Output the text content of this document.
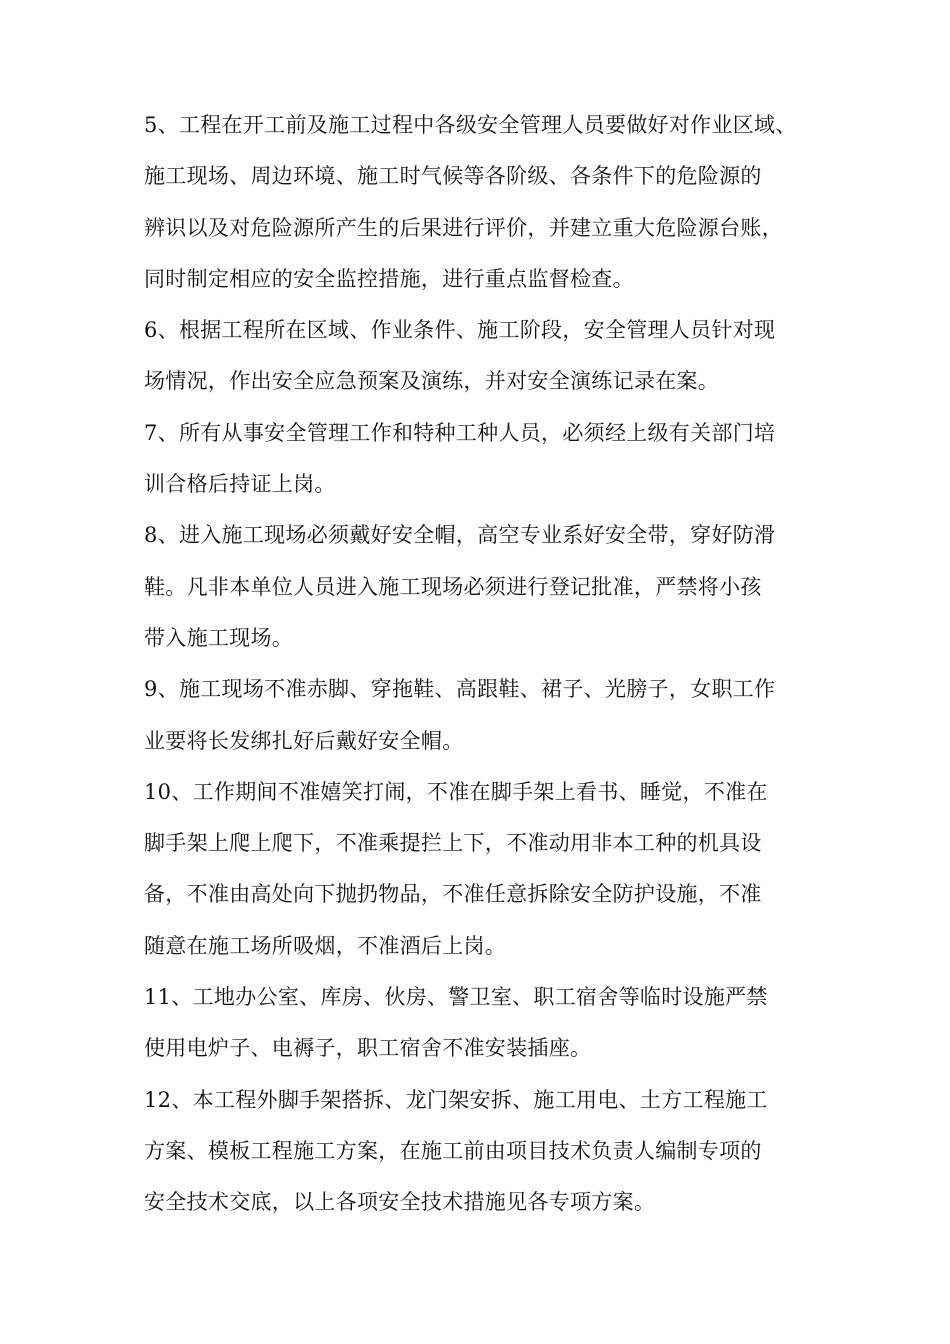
5、工程在开工前及施工过程中各级安全管理人员要做好对作业区域、
施工现场、周边环境、施工时气候等各阶级、各条件下的危险源的
辨识以及对危险源所产生的后果进行评价，并建立重大危险源台账，
同时制定相应的安全监控措施，进行重点监督检查。
6、根据工程所在区域、作业条件、施工阶段，安全管理人员针对现
场情况，作出安全应急预案及演练，并对安全演练记录在案。
7、所有从事安全管理工作和特种工种人员，必须经上级有关部门培
训合格后持证上岗。
8、进入施工现场必须戴好安全帽，高空专业系好安全带，穿好防滑
鞋。凡非本单位人员进入施工现场必须进行登记批准，严禁将小孩
带入施工现场。
9、施工现场不准赤脚、穿拖鞋、高跟鞋、裙子、光膀子，女职工作
业要将长发绑扎好后戴好安全帽。
10、工作期间不准嬉笑打闹，不准在脚手架上看书、睡觉，不准在
脚手架上爬上爬下，不准乘提拦上下，不准动用非本工种的机具设
备，不准由高处向下抛扔物品，不准任意拆除安全防护设施，不准
随意在施工场所吸烟，不准酒后上岗。
11、工地办公室、库房、伙房、警卫室、职工宿舍等临时设施严禁
使用电炉子、电褥子，职工宿舍不准安装插座。
12、本工程外脚手架搭拆、龙门架安拆、施工用电、土方工程施工
方案、模板工程施工方案，在施工前由项目技术负责人编制专项的
安全技术交底，以上各项安全技术措施见各专项方案。
